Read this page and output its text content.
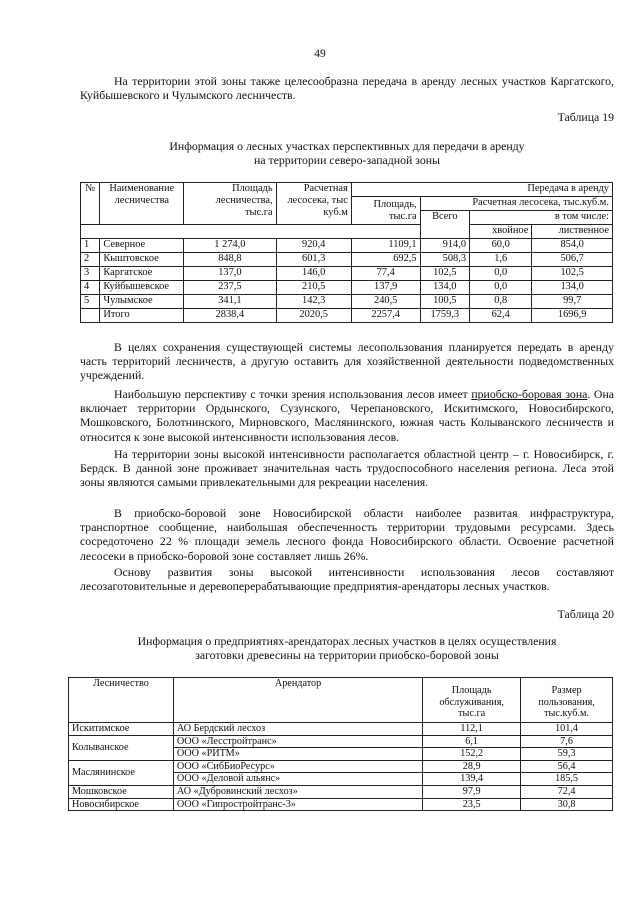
49

На территории этой зоны также целесообразна передача в аренду лесных участков Каргатского, Куйбышевского и Чулымского лесничеств.

Таблица 19
Информация о лесных участках перспективных для передачи в аренду
на территории северо-западной зоны
№	Наименование лесничества	Площадь лесничества, тыс.га	Расчетная лесосека, тыс куб.м	Передача в аренду			
				Площадь, тыс.га	Расчетная лесосека, тыс.куб.м.		
					Всего	в том числе:	
						хвойное	лиственное
1	Северное	1 274,0	920,4	1109,1	914,0	60,0	854,0
2	Кыштовское	848,8	601,3	692,5	508,3	1,6	506,7
3	Каргатское	137,0	146,0	77,4	102,5	0,0	102,5
4	Куйбышевское	237,5	210,5	137,9	134,0	0,0	134,0
5	Чулымское	341,1	142,3	240,5	100,5	0,8	99,7
	Итого	2838,4	2020,5	2257,4	1759,3	62,4	1696,9

В целях сохранения существующей системы лесопользования планируется передать в аренду часть территорий лесничеств, а другую оставить для хозяйственной деятельности подведомственных учреждений.

Наибольшую перспективу с точки зрения использования лесов имеет приобско-боровая зона. Она включает территории Ордынского, Сузунского, Черепановского, Искитимского, Новосибирского, Мошковского, Болотнинского, Мирновского, Маслянинского, южная часть Колыванского лесничеств и относится к зоне высокой интенсивности использования лесов.

На территории зоны высокой интенсивности располагается областной центр – г. Новосибирск, г. Бердск. В данной зоне проживает значительная часть трудоспособного населения региона. Леса этой зоны являются самыми привлекательными для рекреации населения.

В приобско-боровой зоне Новосибирской области наиболее развитая инфраструктура, транспортное сообщение, наибольшая обеспеченность территории трудовыми ресурсами. Здесь сосредоточено 22 % площади земель лесного фонда Новосибирского области. Освоение расчетной лесосеки в приобско-боровой зоне составляет лишь 26%.

Основу развития зоны высокой интенсивности использования лесов составляют лесозаготовительные и деревоперерабатывающие предприятия-арендаторы лесных участков.

Таблица 20
Информация о предприятиях-арендаторах лесных участков в целях осуществления
заготовки древесины на территории приобско-боровой зоны
Лесничество	Арендатор	Площадь обслуживания, тыс.га	Размер пользования, тыс.куб.м.
Искитимское	АО Бердский лесхоз	112,1	101,4
Колыванское	ООО «Лесстройтранс»	6,1	7,6
	ООО «РИТМ»	152,2	59,3
Маслянинское	ООО «СибБиоРесурс»	28,9	56,4
	ООО «Деловой альянс»	139,4	185,5
Мошковское	АО «Дубровинский лесхоз»	97,9	72,4
Новосибирское	ООО «Гипростройтранс-3»	23,5	30,8
